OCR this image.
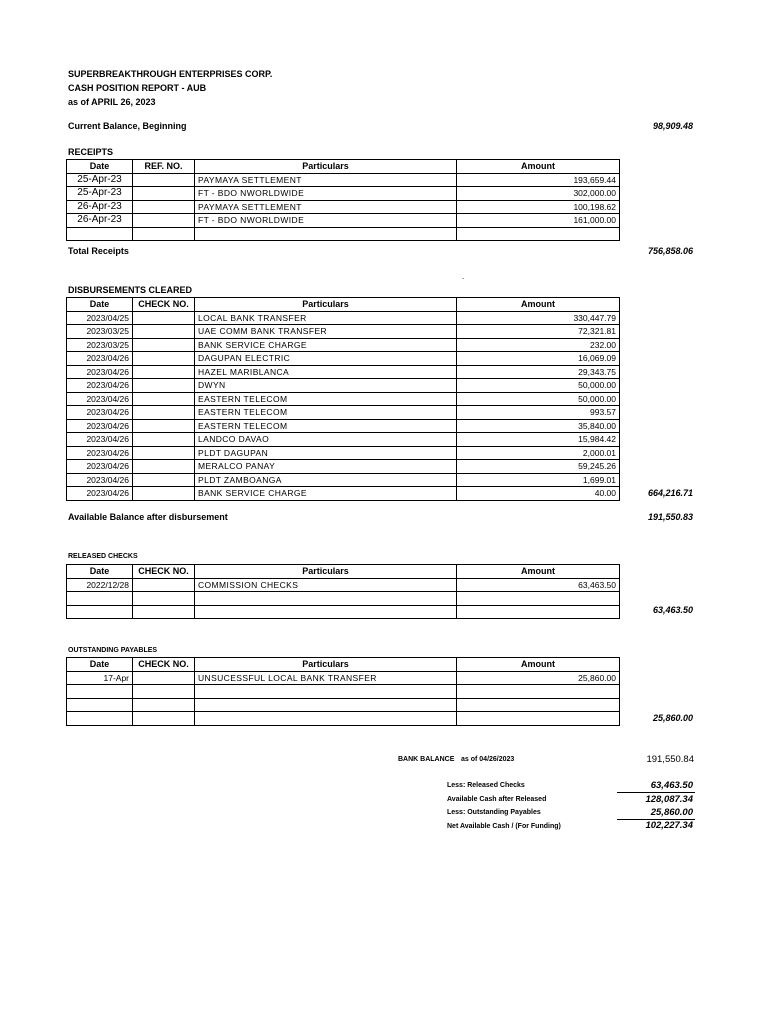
SUPERBREAKTHROUGH ENTERPRISES CORP.
CASH POSITION REPORT - AUB
as of APRIL 26, 2023
Current Balance, Beginning	98,909.48
RECEIPTS
Date	REF. NO.	Particulars	Amount
25-Apr-23		PAYMAYA SETTLEMENT	193,659.44
25-Apr-23		FT - BDO NWORLDWIDE	302,000.00
26-Apr-23		PAYMAYA SETTLEMENT	100,198.62
26-Apr-23		FT - BDO NWORLDWIDE	161,000.00

Total Receipts	756,858.06
.
DISBURSEMENTS CLEARED
Date	CHECK NO.	Particulars	Amount
2023/04/25		LOCAL BANK TRANSFER	330,447.79
2023/03/25		UAE COMM BANK TRANSFER	72,321.81
2023/03/25		BANK SERVICE CHARGE	232.00
2023/04/26		DAGUPAN ELECTRIC	16,069.09
2023/04/26		HAZEL MARIBLANCA	29,343.75
2023/04/26		DWYN	50,000.00
2023/04/26		EASTERN TELECOM	50,000.00
2023/04/26		EASTERN TELECOM	993.57
2023/04/26		EASTERN TELECOM	35,840.00
2023/04/26		LANDCO DAVAO	15,984.42
2023/04/26		PLDT DAGUPAN	2,000.01
2023/04/26		MERALCO PANAY	59,245.26
2023/04/26		PLDT ZAMBOANGA	1,699.01
2023/04/26		BANK SERVICE CHARGE	40.00	664,216.71
Available Balance after disbursement	191,550.83
RELEASED CHECKS
Date	CHECK NO.	Particulars	Amount
2022/12/28		COMMISSION CHECKS	63,463.50

63,463.50
OUTSTANDING PAYABLES
Date	CHECK NO.	Particulars	Amount
17-Apr		UNSUCESSFUL LOCAL BANK TRANSFER	25,860.00

25,860.00
BANK BALANCE as of 04/26/2023	191,550.84
Less: Released Checks	63,463.50
Available Cash after Released	128,087.34
Less: Outstanding Payables	25,860.00
Net Available Cash / (For Funding)	102,227.34
